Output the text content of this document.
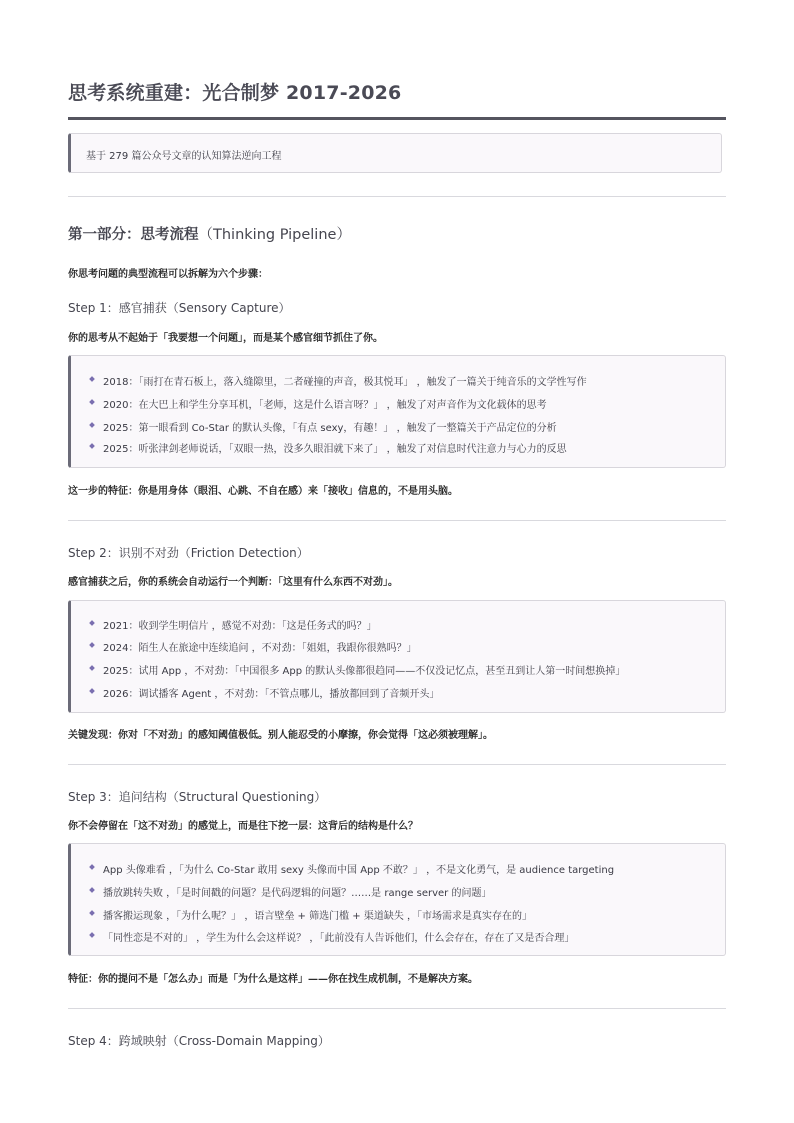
思考系统重建：光合制梦 2017-2026
基于 279 篇公众号文章的认知算法逆向工程
第一部分：思考流程（Thinking Pipeline）

你思考问题的典型流程可以拆解为六个步骤：

Step 1：感官捕获（Sensory Capture）

你的思考从不起始于「我要想一个问题」，而是某个感官细节抓住了你。

2018：「雨打在青石板上，落入缝隙里，二者碰撞的声音，极其悦耳」 ，触发了一篇关于纯音乐的文学性写作
2020：在大巴上和学生分享耳机，「老师，这是什么语言呀？」 ，触发了对声音作为文化载体的思考
2025：第一眼看到 Co-Star 的默认头像，「有点 sexy，有趣！」 ，触发了一整篇关于产品定位的分析
2025：听张津剑老师说话，「双眼一热，没多久眼泪就下来了」 ，触发了对信息时代注意力与心力的反思

这一步的特征：你是用身体（眼泪、心跳、不自在感）来「接收」信息的，不是用头脑。

Step 2：识别不对劲（Friction Detection）

感官捕获之后，你的系统会自动运行一个判断：「这里有什么东西不对劲」。

2021：收到学生明信片 ，感觉不对劲：「这是任务式的吗？」
2024：陌生人在旅途中连续追问 ，不对劲：「姐姐，我跟你很熟吗？」
2025：试用 App ，不对劲：「中国很多 App 的默认头像都很趋同——不仅没记忆点，甚至丑到让人第一时间想换掉」
2026：调试播客 Agent ，不对劲：「不管点哪儿，播放都回到了音频开头」

关键发现：你对「不对劲」的感知阈值极低。别人能忍受的小摩擦，你会觉得「这必须被理解」。

Step 3：追问结构（Structural Questioning）

你不会停留在「这不对劲」的感觉上，而是往下挖一层：这背后的结构是什么？

App 头像难看 ，「为什么 Co-Star 敢用 sexy 头像而中国 App 不敢？」 ，不是文化勇气，是 audience targeting
播放跳转失败 ，「是时间戳的问题？是代码逻辑的问题？……是 range server 的问题」
播客搬运现象 ，「为什么呢？」 ，语言壁垒 + 筛选门槛 + 渠道缺失 ，「市场需求是真实存在的」
「同性恋是不对的」 ，学生为什么会这样说？ ，「此前没有人告诉他们，什么会存在，存在了又是否合理」

特征：你的提问不是「怎么办」而是「为什么是这样」——你在找生成机制，不是解决方案。

Step 4：跨域映射（Cross-Domain Mapping）
